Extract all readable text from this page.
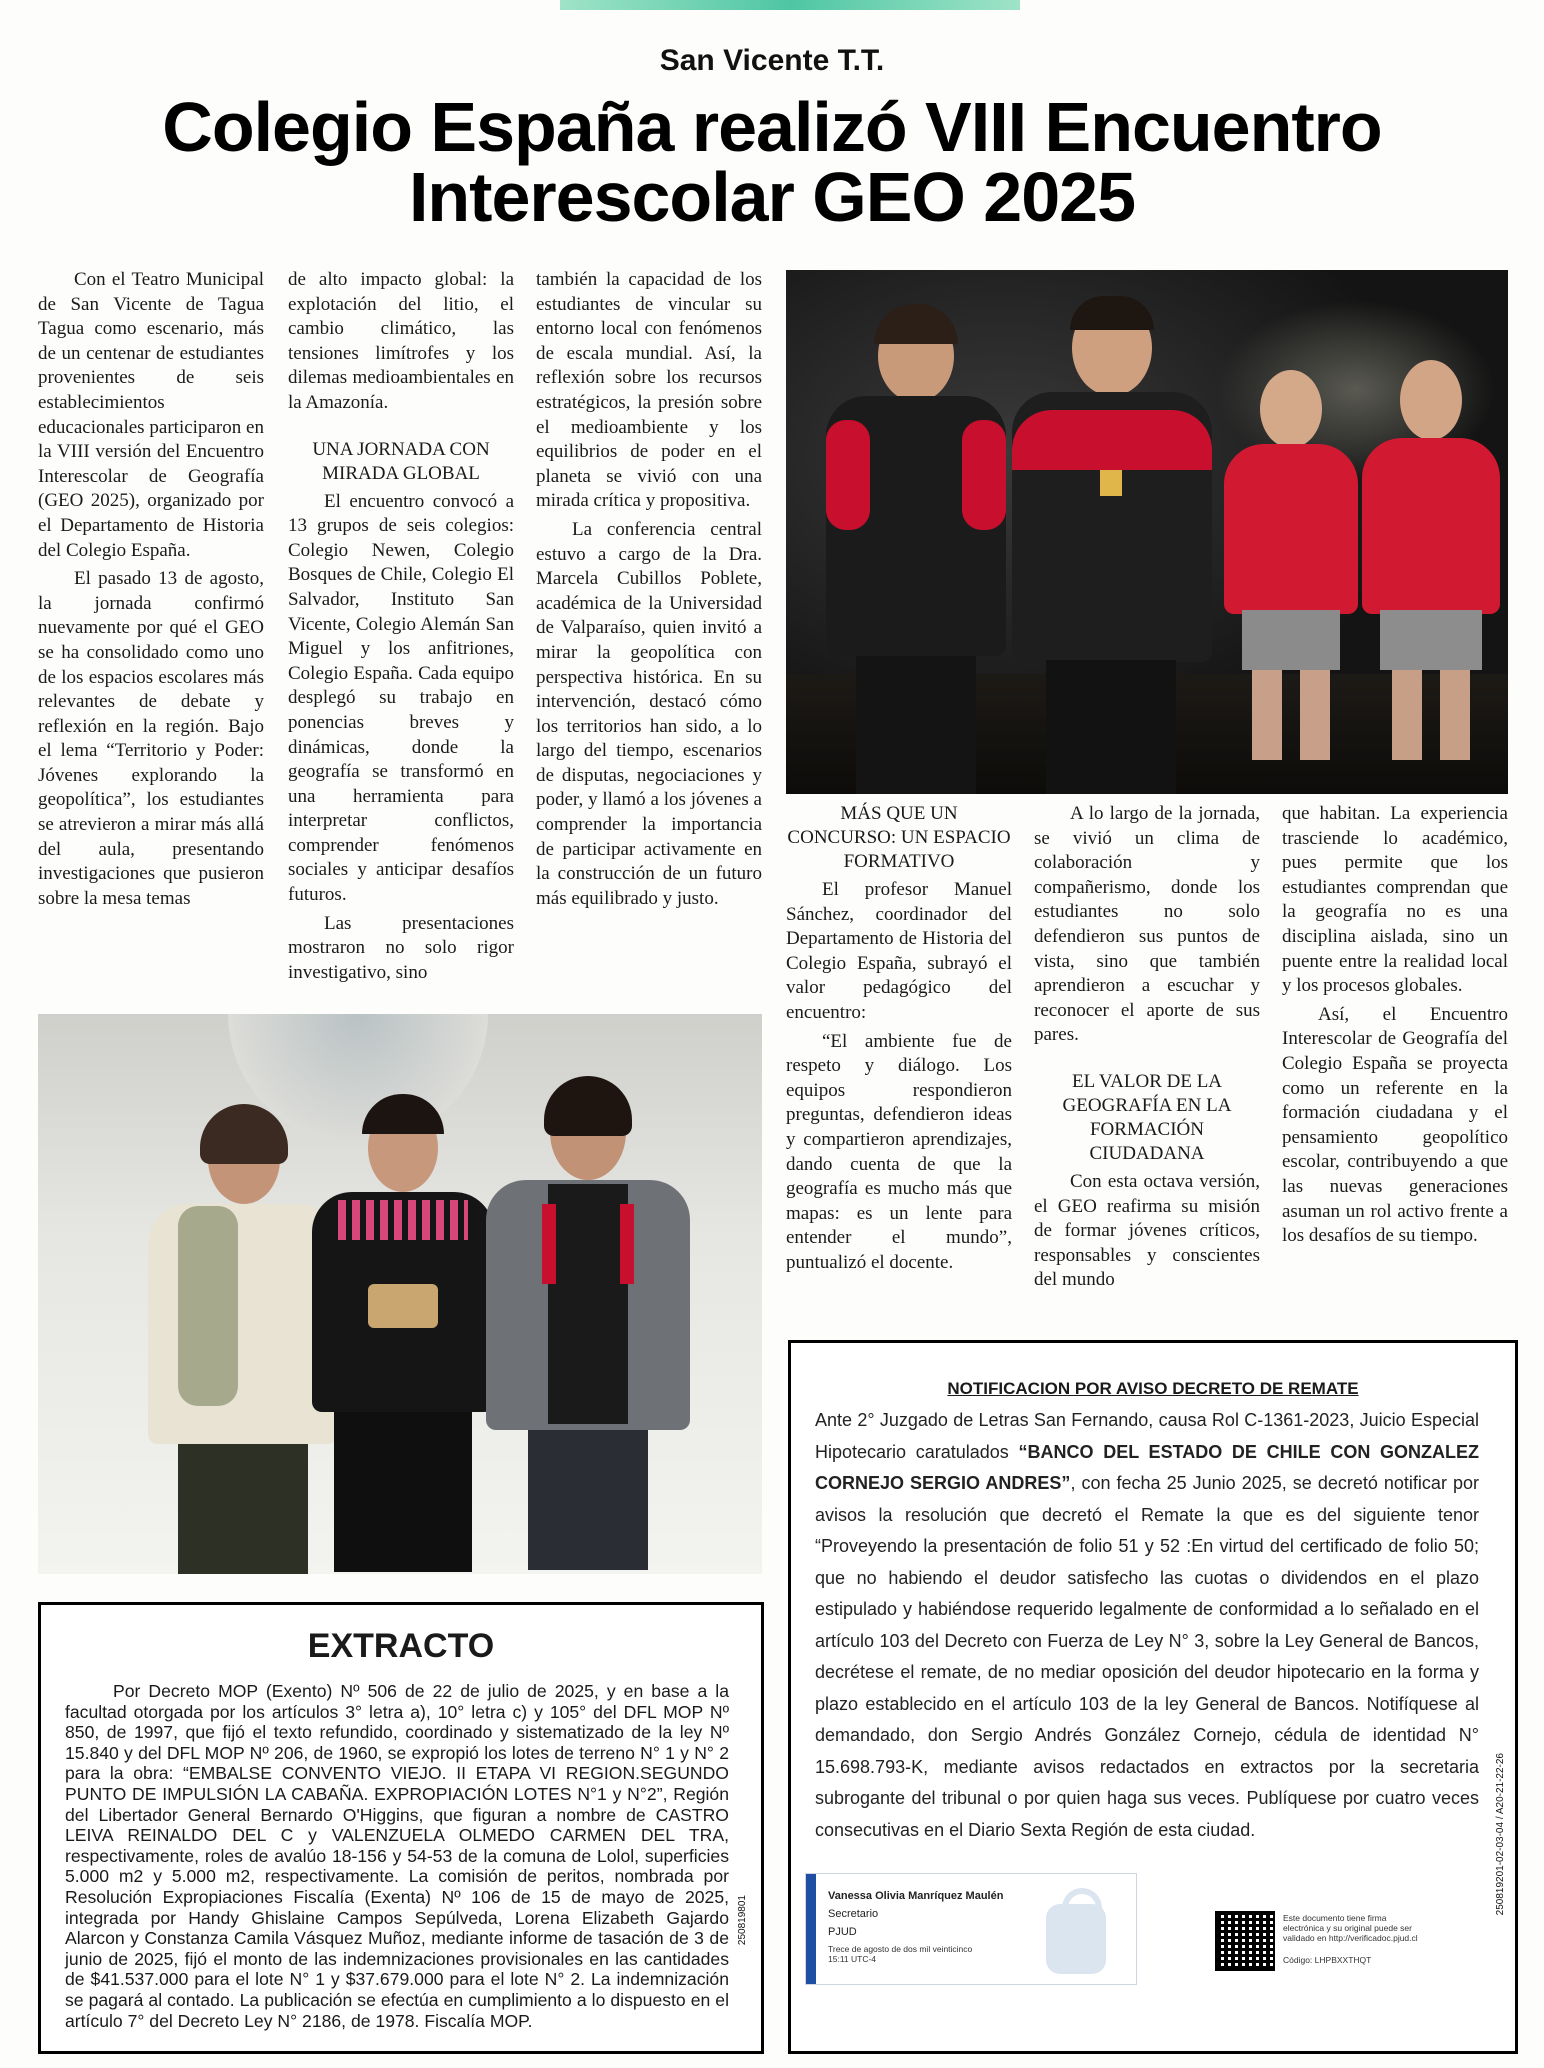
San Vicente T.T.
Colegio España realizó VIII Encuentro
Interescolar GEO 2025

Con el Teatro Municipal de San Vicente de Tagua Tagua como escenario, más de un centenar de estudiantes provenientes de seis establecimientos educacionales participaron en la VIII versión del Encuentro Interescolar de Geografía (GEO 2025), organizado por el Departamento de Historia del Colegio España.

El pasado 13 de agosto, la jornada confirmó nuevamente por qué el GEO se ha consolidado como uno de los espacios escolares más relevantes de debate y reflexión en la región. Bajo el lema “Territorio y Poder: Jóvenes explorando la geopolítica”, los estudiantes se atrevieron a mirar más allá del aula, presentando investigaciones que pusieron sobre la mesa temas

de alto impacto global: la explotación del litio, el cambio climático, las tensiones limítrofes y los dilemas medioambientales en la Amazonía.

UNA JORNADA CON MIRADA GLOBAL

El encuentro convocó a 13 grupos de seis colegios: Colegio Newen, Colegio Bosques de Chile, Colegio El Salvador, Instituto San Vicente, Colegio Alemán San Miguel y los anfitriones, Colegio España. Cada equipo desplegó su trabajo en ponencias breves y dinámicas, donde la geografía se transformó en una herramienta para interpretar conflictos, comprender fenómenos sociales y anticipar desafíos futuros.

Las presentaciones mostraron no solo rigor investigativo, sino

también la capacidad de los estudiantes de vincular su entorno local con fenómenos de escala mundial. Así, la reflexión sobre los recursos estratégicos, la presión sobre el medioambiente y los equilibrios de poder en el planeta se vivió con una mirada crítica y propositiva.

La conferencia central estuvo a cargo de la Dra. Marcela Cubillos Poblete, académica de la Universidad de Valparaíso, quien invitó a mirar la geopolítica con perspectiva histórica. En su intervención, destacó cómo los territorios han sido, a lo largo del tiempo, escenarios de disputas, negociaciones y poder, y llamó a los jóvenes a comprender la importancia de participar activamente en la construcción de un futuro más equilibrado y justo.

MÁS QUE UN CONCURSO: UN ESPACIO FORMATIVO

El profesor Manuel Sánchez, coordinador del Departamento de Historia del Colegio España, subrayó el valor pedagógico del encuentro:

“El ambiente fue de respeto y diálogo. Los equipos respondieron preguntas, defendieron ideas y compartieron aprendizajes, dando cuenta de que la geografía es mucho más que mapas: es un lente para entender el mundo”, puntualizó el docente.

A lo largo de la jornada, se vivió un clima de colaboración y compañerismo, donde los estudiantes no solo defendieron sus puntos de vista, sino que también aprendieron a escuchar y reconocer el aporte de sus pares.

EL VALOR DE LA GEOGRAFÍA EN LA FORMACIÓN CIUDADANA

Con esta octava versión, el GEO reafirma su misión de formar jóvenes críticos, responsables y conscientes del mundo

que habitan. La experiencia trasciende lo académico, pues permite que los estudiantes comprendan que la geografía no es una disciplina aislada, sino un puente entre la realidad local y los procesos globales.

Así, el Encuentro Interescolar de Geografía del Colegio España se proyecta como un referente en la formación ciudadana y el pensamiento geopolítico escolar, contribuyendo a que las nuevas generaciones asuman un rol activo frente a los desafíos de su tiempo.

EXTRACTO

Por Decreto MOP (Exento) Nº 506 de 22 de julio de 2025, y en base a la facultad otorgada por los artículos 3° letra a), 10° letra c) y 105° del DFL MOP Nº 850, de 1997, que fijó el texto refundido, coordinado y sistematizado de la ley Nº 15.840 y del DFL MOP Nº 206, de 1960, se expropió los lotes de terreno N° 1 y N° 2 para la obra: “EMBALSE CONVENTO VIEJO. II ETAPA VI REGION.SEGUNDO PUNTO DE IMPULSIÓN LA CABAÑA. EXPROPIACIÓN LOTES N°1 y N°2”, Región del Libertador General Bernardo O'Higgins, que figuran a nombre de CASTRO LEIVA REINALDO DEL C y VALENZUELA OLMEDO CARMEN DEL TRA, respectivamente, roles de avalúo 18-156 y 54-53 de la comuna de Lolol, superficies 5.000 m2 y 5.000 m2, respectivamente. La comisión de peritos, nombrada por Resolución Expropiaciones Fiscalía (Exenta) Nº 106 de 15 de mayo de 2025, integrada por Handy Ghislaine Campos Sepúlveda, Lorena Elizabeth Gajardo Alarcon y Constanza Camila Vásquez Muñoz, mediante informe de tasación de 3 de junio de 2025, fijó el monto de las indemnizaciones provisionales en las cantidades de $41.537.000 para el lote N° 1 y $37.679.000 para el lote N° 2. La indemnización se pagará al contado. La publicación se efectúa en cumplimiento a lo dispuesto en el artículo 7° del Decreto Ley N° 2186, de 1978. Fiscalía MOP.

250819801
NOTIFICACION POR AVISO DECRETO DE REMATE

Ante 2° Juzgado de Letras San Fernando, causa Rol C-1361-2023, Juicio Especial Hipotecario caratulados “BANCO DEL ESTADO DE CHILE CON GONZALEZ CORNEJO SERGIO ANDRES”, con fecha 25 Junio 2025, se decretó notificar por avisos la resolución que decretó el Remate la que es del siguiente tenor “Proveyendo la presentación de folio 51 y 52 :En virtud del certificado de folio 50; que no habiendo el deudor satisfecho las cuotas o dividendos en el plazo estipulado y habiéndose requerido legalmente de conformidad a lo señalado en el artículo 103 del Decreto con Fuerza de Ley N° 3, sobre la Ley General de Bancos, decrétese el remate, de no mediar oposición del deudor hipotecario en la forma y plazo establecido en el artículo 103 de la ley General de Bancos. Notifíquese al demandado, don Sergio Andrés González Cornejo, cédula de identidad N° 15.698.793-K, mediante avisos redactados en extractos por la secretaria subrogante del tribunal o por quien haga sus veces. Publíquese por cuatro veces consecutivas en el Diario Sexta Región de esta ciudad.	250819201-02-03-04 / A20-21-22-26
Vanessa Olivia Manríquez Maulén
Secretario
PJUD
Trece de agosto de dos mil veinticinco 15:11 UTC-4
Este documento tiene firma electrónica y su original puede ser validado en http://verificadoc.pjud.cl
Código: LHPBXXTHQT
